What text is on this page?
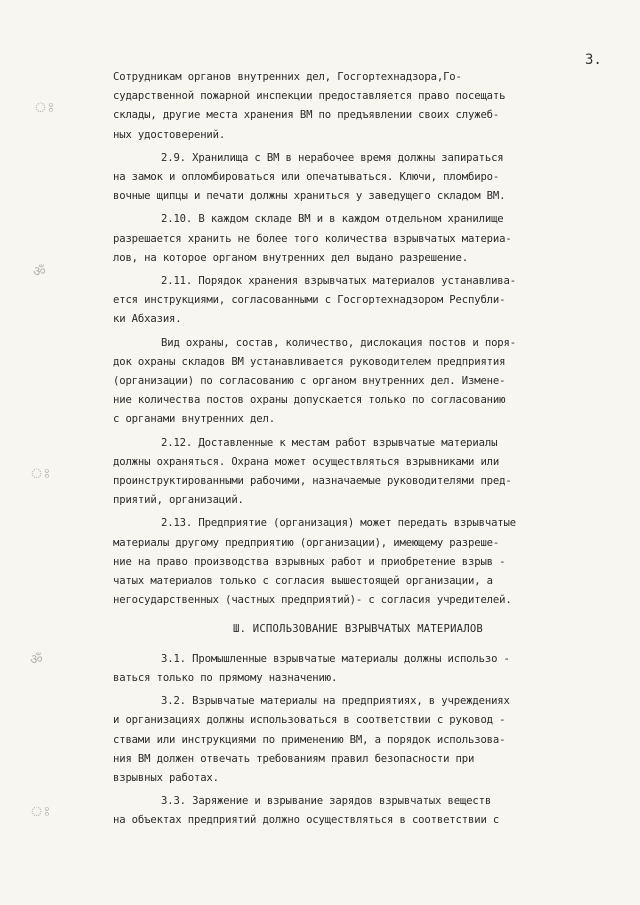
3.
ঃ
ॐ
ঃ
ॐ
ঃ
Сотрудникам органов внутренних дел, Госгортехнадзора,Го-
сударственной пожарной инспекции предоставляется право посещать
склады, другие места хранения ВМ по предъявлении своих служеб-
ных удостоверений.
2.9. Хранилища с ВМ в нерабочее время должны запираться
на замок и опломбироваться или опечатываться. Ключи, пломбиро-
вочные щипцы и печати должны храниться у заведущего складом ВМ.
2.10. В каждом складе ВМ и в каждом отдельном хранилище
разрешается хранить не более того количества взрывчатых материа-
лов, на которое органом внутренних дел выдано разрешение.
2.11. Порядок хранения взрывчатых материалов устанавлива-
ется инструкциями, согласованными с Госгортехнадзором Республи-
ки Абхазия.
Вид охраны, состав, количество, дислокация постов и поря-
док охраны складов ВМ устанавливается руководителем предприятия
(организации) по согласованию с органом внутренних дел. Измене-
ние количества постов охраны допускается только по согласованию
с органами внутренних дел.
2.12. Доставленные к местам работ взрывчатые материалы
должны охраняться. Охрана может осуществляться взрывниками или
проинструктированными рабочими, назначаемые руководителями пред-
приятий, организаций.
2.13. Предприятие (организация) может передать взрывчатые
материалы другому предприятию (организации), имеющему разреше-
ние на право производства взрывных работ и приобретение взрыв -
чатых материалов только с согласия вышестоящей организации, а
негосударственных (частных предприятий)- с согласия учредителей.
Ш. ИСПОЛЬЗОВАНИЕ ВЗРЫВЧАТЫХ МАТЕРИАЛОВ
3.1. Промышленные взрывчатые материалы должны использо -
ваться только по прямому назначению.
3.2. Взрывчатые материалы на предприятиях, в учреждениях
и организациях должны использоваться в соответствии с руковод -
ствами или инструкциями по применению ВМ, а порядок использова-
ния ВМ должен отвечать требованиям правил безопасности при
взрывных работах.
3.3. Заряжение и взрывание зарядов взрывчатых веществ
на объектах предприятий должно осуществляться в соответствии с
